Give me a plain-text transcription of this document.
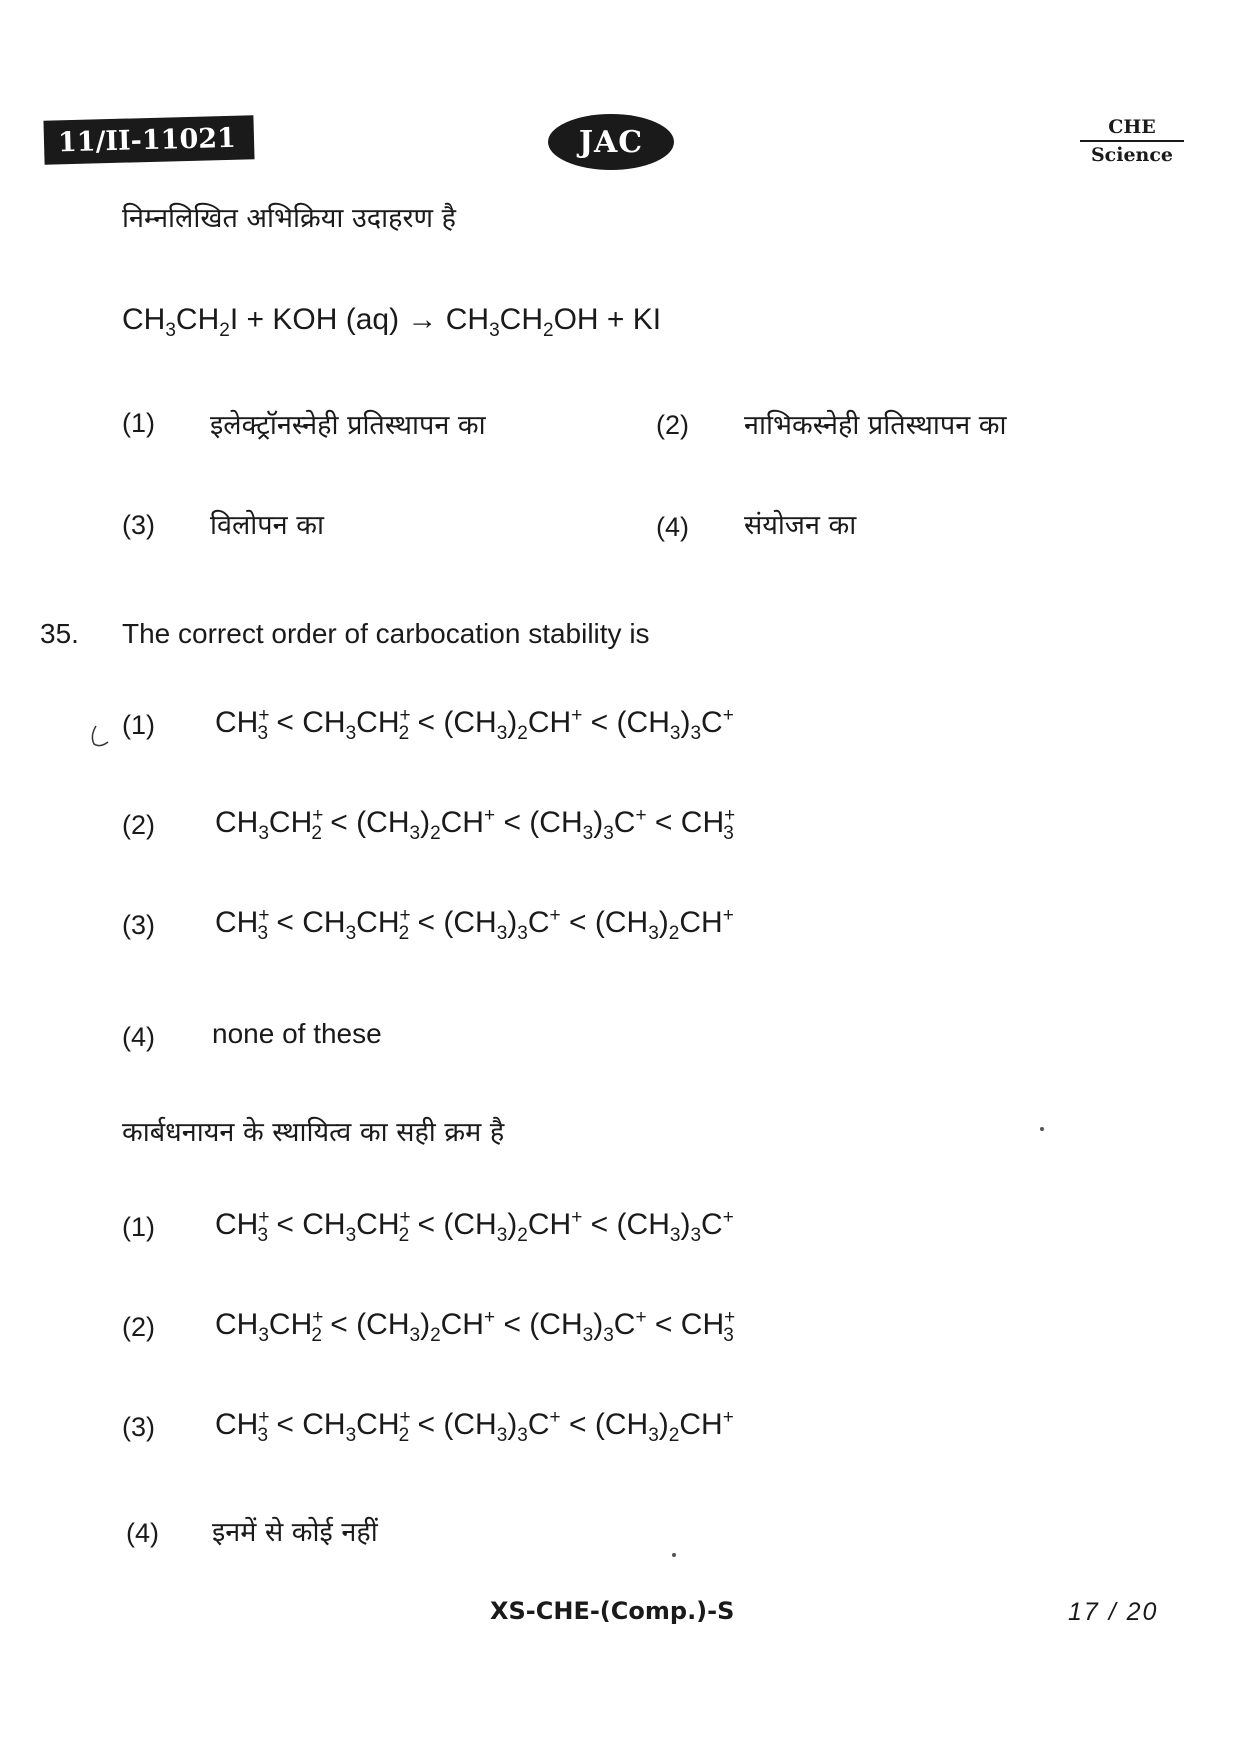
11/II-11021	JAC	CHE
Science
निम्नलिखित अभिक्रिया उदाहरण है
$CH_3CH_2I$ + KOH $(aq) \to CH_3CH_2OH$ + KI
(1) इलेक्ट्रॉनस्नेही प्रतिस्थापन का	(2) नाभिकस्नेही प्रतिस्थापन का
(3) विलोपन का	(4) संयोजन का
35. The correct order of carbocation stability is
(1) $CH^+_3 < CH_3CH^+_2 < (CH_3)_2CH^+ < (CH_3)_3C^+$
(2) $CH_3CH^+_2 < (CH_3)_2CH^+ < (CH_3)_3C^+ < CH^+_3$
(3) $CH^+_3 < CH_3CH^+_2 < (CH_3)_3C^+ < (CH_3)_2CH^+$
(4) none of these
कार्बधनायन के स्थायित्व का सही क्रम है
(1) $CH^+_3 < CH_3CH^+_2 < (CH_3)_2CH^+ < (CH_3)_3C^+$
(2) $CH_3CH^+_2 < (CH_3)_2CH^+ < (CH_3)_3C^+ < CH^+_3$
(3) $CH^+_3 < CH_3CH^+_2 < (CH_3)_3C^+ < (CH_3)_2CH^+$
(4) इनमें से कोई नहीं
XS-CHE-(Comp.)-S	17 / 20
